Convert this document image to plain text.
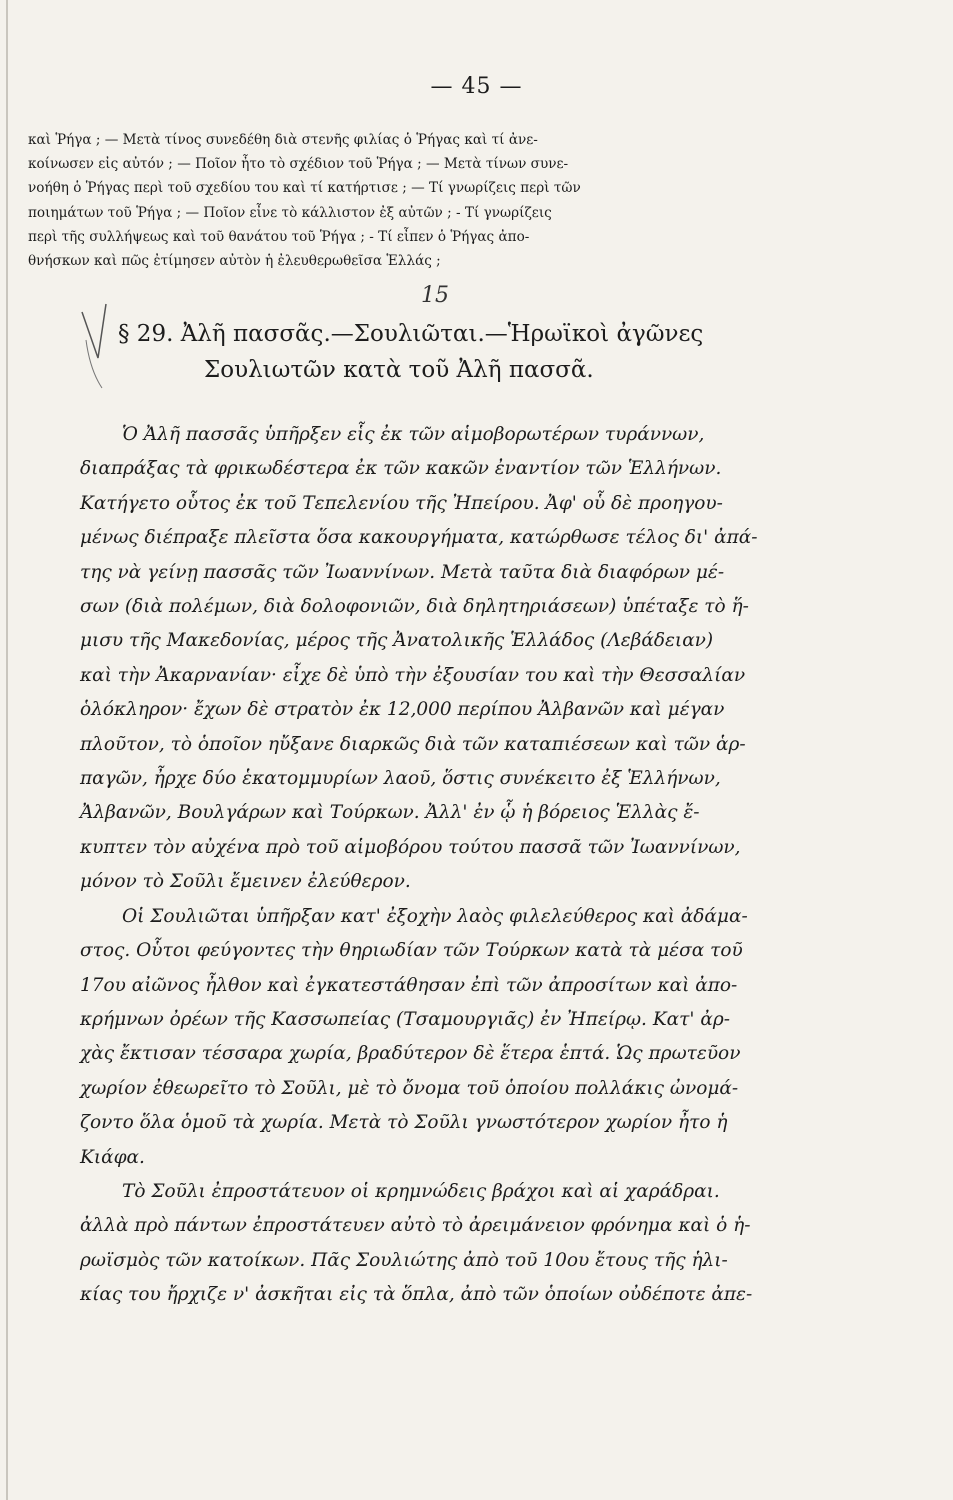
— 45 —
καὶ Ῥήγα ; — Μετὰ τίνος συνεδέθη διὰ στενῆς φιλίας ὁ Ῥήγας καὶ τί ἀνε-
κοίνωσεν εἰς αὐτόν ; — Ποῖον ἦτο τὸ σχέδιον τοῦ Ῥήγα ; — Μετὰ τίνων συνε-
νοήθη ὁ Ῥήγας περὶ τοῦ σχεδίου του καὶ τί κατήρτισε ; — Τί γνωρίζεις περὶ τῶν
ποιημάτων τοῦ Ῥήγα ; — Ποῖον εἶνε τὸ κάλλιστον ἐξ αὐτῶν ; - Τί γνωρίζεις
περὶ τῆς συλλήψεως καὶ τοῦ θανάτου τοῦ Ῥήγα ; - Τί εἶπεν ὁ Ῥήγας ἀπο-
θνήσκων καὶ πῶς ἐτίμησεν αὐτὸν ἡ ἐλευθερωθεῖσα Ἑλλάς ;
15
§ 29. Ἀλῆ πασσᾶς.—Σουλιῶται.—Ἡρωϊκοὶ ἀγῶνες
Σουλιωτῶν κατὰ τοῦ Ἀλῆ πασσᾶ.
Ὁ Ἀλῆ πασσᾶς ὑπῆρξεν εἷς ἐκ τῶν αἱμοβορωτέρων τυράννων,
διαπράξας τὰ φρικωδέστερα ἐκ τῶν κακῶν ἐναντίον τῶν Ἑλλήνων.
Κατήγετο οὗτος ἐκ τοῦ Τεπελενίου τῆς Ἠπείρου. Ἀφ' οὗ δὲ προηγου-
μένως διέπραξε πλεῖστα ὅσα κακουργήματα, κατώρθωσε τέλος δι' ἀπά-
της νὰ γείνῃ πασσᾶς τῶν Ἰωαννίνων. Μετὰ ταῦτα διὰ διαφόρων μέ-
σων (διὰ πολέμων, διὰ δολοφονιῶν, διὰ δηλητηριάσεων) ὑπέταξε τὸ ἥ-
μισυ τῆς Μακεδονίας, μέρος τῆς Ἀνατολικῆς Ἑλλάδος (Λεβάδειαν)
καὶ τὴν Ἀκαρνανίαν· εἶχε δὲ ὑπὸ τὴν ἐξουσίαν του καὶ τὴν Θεσσαλίαν
ὁλόκληρον· ἔχων δὲ στρατὸν ἐκ 12,000 περίπου Ἀλβανῶν καὶ μέγαν
πλοῦτον, τὸ ὁποῖον ηὔξανε διαρκῶς διὰ τῶν καταπιέσεων καὶ τῶν ἁρ-
παγῶν, ἦρχε δύο ἑκατομμυρίων λαοῦ, ὅστις συνέκειτο ἐξ Ἑλλήνων,
Ἀλβανῶν, Βουλγάρων καὶ Τούρκων. Ἀλλ' ἐν ᾧ ἡ βόρειος Ἑλλὰς ἔ-
κυπτεν τὸν αὐχένα πρὸ τοῦ αἱμοβόρου τούτου πασσᾶ τῶν Ἰωαννίνων,
μόνον τὸ Σοῦλι ἔμεινεν ἐλεύθερον.
Οἱ Σουλιῶται ὑπῆρξαν κατ' ἐξοχὴν λαὸς φιλελεύθερος καὶ ἀδάμα-
στος. Οὗτοι φεύγοντες τὴν θηριωδίαν τῶν Τούρκων κατὰ τὰ μέσα τοῦ
17ου αἰῶνος ἦλθον καὶ ἐγκατεστάθησαν ἐπὶ τῶν ἀπροσίτων καὶ ἀπο-
κρήμνων ὀρέων τῆς Κασσωπείας (Τσαμουργιᾶς) ἐν Ἠπείρῳ. Κατ' ἀρ-
χὰς ἔκτισαν τέσσαρα χωρία, βραδύτερον δὲ ἕτερα ἑπτά. Ὡς πρωτεῦον
χωρίον ἐθεωρεῖτο τὸ Σοῦλι, μὲ τὸ ὄνομα τοῦ ὁποίου πολλάκις ὠνομά-
ζοντο ὅλα ὁμοῦ τὰ χωρία. Μετὰ τὸ Σοῦλι γνωστότερον χωρίον ἦτο ἡ
Κιάφα.
Τὸ Σοῦλι ἐπροστάτευον οἱ κρημνώδεις βράχοι καὶ αἱ χαράδραι.
ἀλλὰ πρὸ πάντων ἐπροστάτευεν αὐτὸ τὸ ἀρειμάνειον φρόνημα καὶ ὁ ἡ-
ρωϊσμὸς τῶν κατοίκων. Πᾶς Σουλιώτης ἀπὸ τοῦ 10ου ἔτους τῆς ἡλι-
κίας του ἤρχιζε ν' ἀσκῆται εἰς τὰ ὅπλα, ἀπὸ τῶν ὁποίων οὐδέποτε ἀπε-
